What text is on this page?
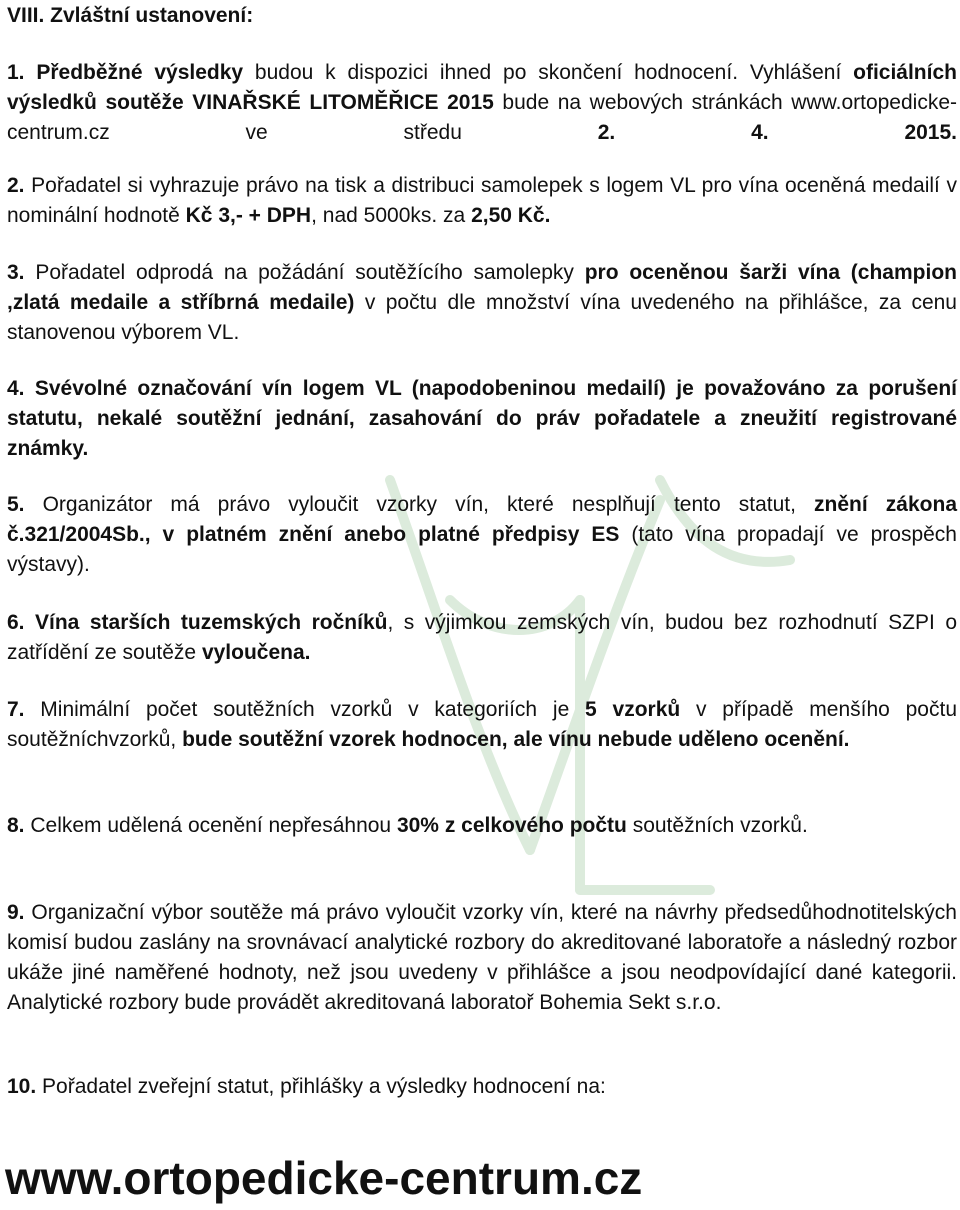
VIII. Zvláštní ustanovení:

1. Předběžné výsledky budou k dispozici ihned po skončení hodnocení. Vyhlášení oficiálních výsledků soutěže VINAŘSKÉ LITOMĚŘICE 2015 bude na webových stránkách www.ortopedicke-centrum.cz ve středu 2. 4. 2015.

2. Pořadatel si vyhrazuje právo na tisk a distribuci samolepek s logem VL pro vína oceněná medailí v nominální hodnotě Kč 3,- + DPH, nad 5000ks. za 2,50 Kč.

3. Pořadatel odprodá na požádání soutěžícího samolepky pro oceněnou šarži vína (champion ,zlatá medaile a stříbrná medaile) v počtu dle množství vína uvedeného na přihlášce, za cenu stanovenou výborem VL.

4. Svévolné označování vín logem VL (napodobeninou medailí) je považováno za porušení statutu, nekalé soutěžní jednání, zasahování do práv pořadatele a zneužití registrované známky.

5. Organizátor má právo vyloučit vzorky vín, které nesplňují tento statut, znění zákona č.321/2004Sb., v platném znění anebo platné předpisy ES (tato vína propadají ve prospěch výstavy).

6. Vína starších tuzemských ročníků, s výjimkou zemských vín, budou bez rozhodnutí SZPI o zatřídění ze soutěže vyloučena.

7. Minimální počet soutěžních vzorků v kategoriích je 5 vzorků v případě menšího počtu soutěžníchvzorků, bude soutěžní vzorek hodnocen, ale vínu nebude uděleno ocenění.

8. Celkem udělená ocenění nepřesáhnou 30% z celkového počtu soutěžních vzorků.

9. Organizační výbor soutěže má právo vyloučit vzorky vín, které na návrhy předsedůhodnotitelských komisí budou zaslány na srovnávací analytické rozbory do akreditované laboratoře a následný rozbor ukáže jiné naměřené hodnoty, než jsou uvedeny v přihlášce a jsou neodpovídající dané kategorii. Analytické rozbory bude provádět akreditovaná laboratoř Bohemia Sekt s.r.o.

10. Pořadatel zveřejní statut, přihlášky a výsledky hodnocení na:

www.ortopedicke-centrum.cz
